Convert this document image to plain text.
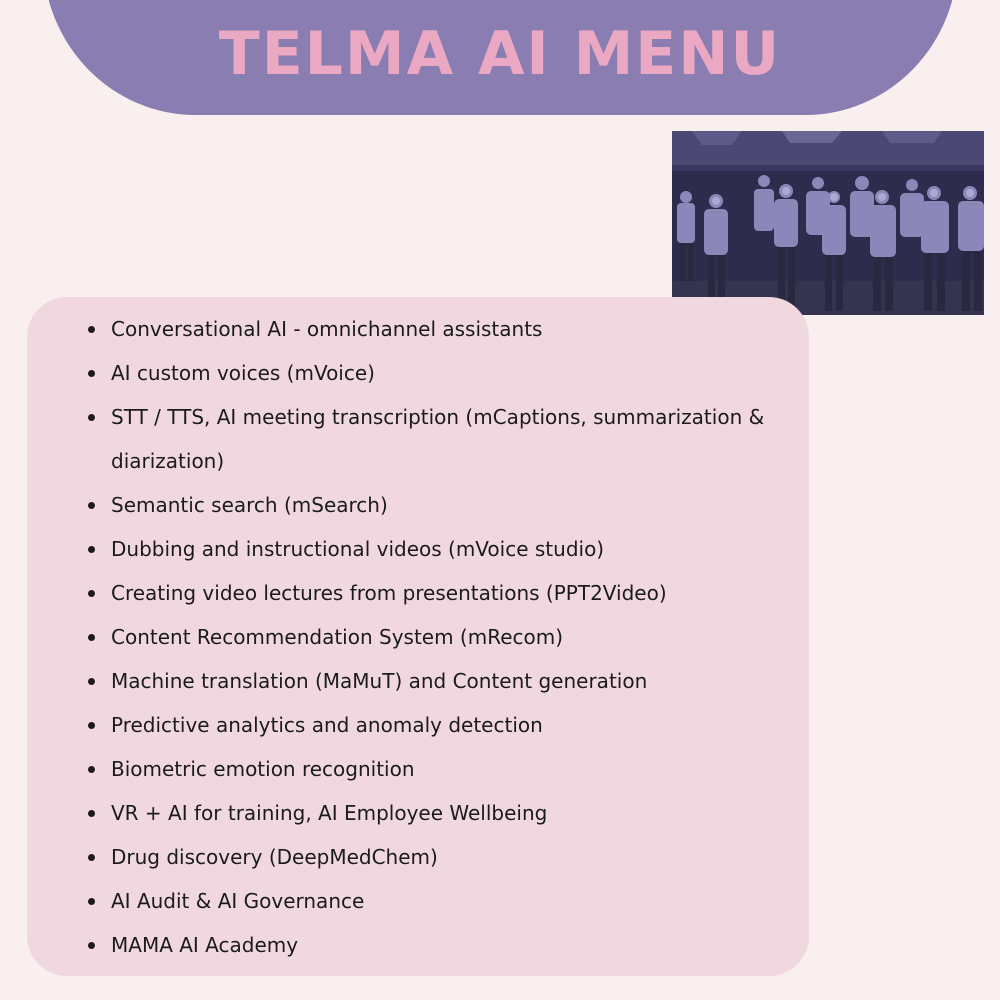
TELMA AI MENU
Conversational AI - omnichannel assistants
AI custom voices (mVoice)
STT / TTS, AI meeting transcription (mCaptions, summarization & diarization)
Semantic search (mSearch)
Dubbing and instructional videos (mVoice studio)
Creating video lectures from presentations (PPT2Video)
Content Recommendation System (mRecom)
Machine translation (MaMuT) and Content generation
Predictive analytics and anomaly detection
Biometric emotion recognition
VR + AI for training, AI Employee Wellbeing
Drug discovery (DeepMedChem)
AI Audit & AI Governance
MAMA AI Academy
